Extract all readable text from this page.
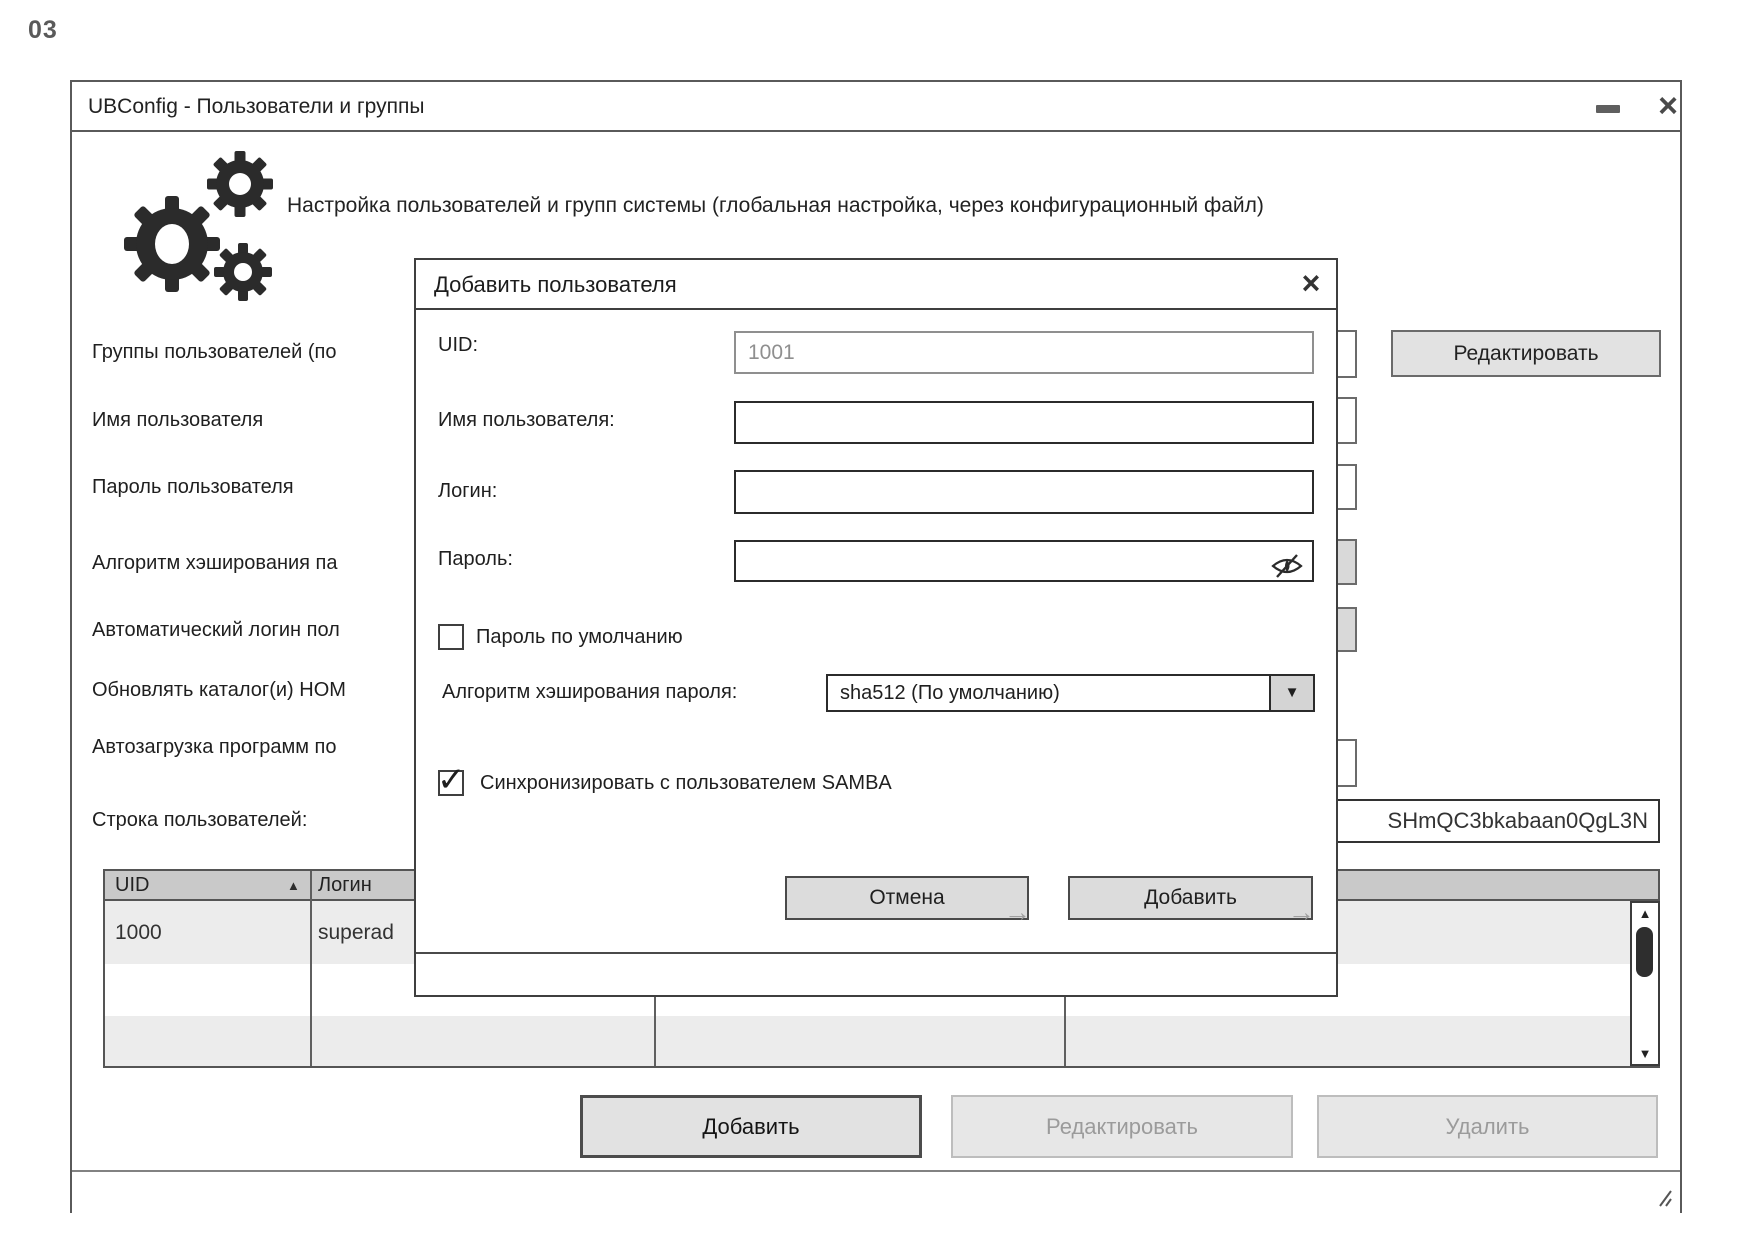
03
UBConfig - Пользователи и группы	×
Настройка пользователей и групп системы (глобальная настройка, через конфигурационный файл)
Группы пользователей (по
Имя пользователя
Пароль пользователя
Алгоритм хэширования па
Автоматический логин пол
Обновлять каталог(и) HOM
Автозагрузка программ по
Строка пользователей:
Редактировать
SHmQC3bkabaan0QgL3N
UID	▲ Логин
1000	superad
▲
▼
Добавить	Редактировать	Удалить
Добавить пользователя	×
UID:
1001
Имя пользователя:
Логин:
Пароль:
Пароль по умолчанию
Алгоритм хэширования пароля:	sha512 (По умолчанию)	▼
✓ Синхронизировать с пользователем SAMBA
Отмена →	Добавить →
